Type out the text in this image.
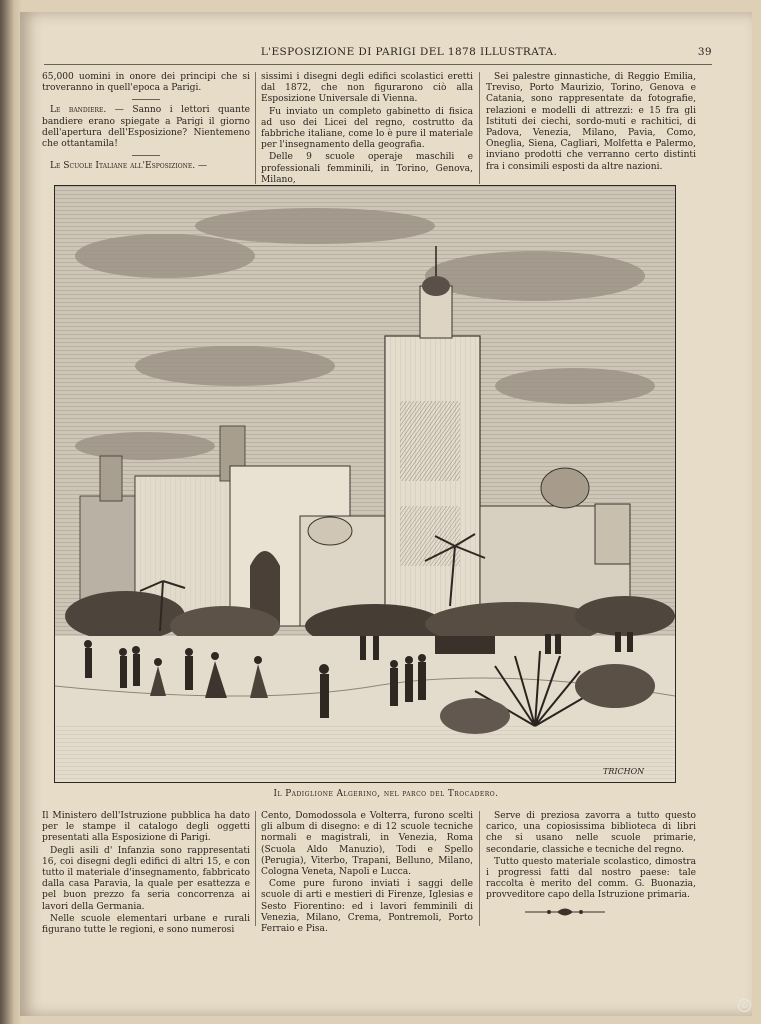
L'ESPOSIZIONE DI PARIGI DEL 1878 ILLUSTRATA.	39

65,000 uomini in onore dei principi che si troveranno in quell'epoca a Parigi.

Le bandiere. — Sanno i lettori quante bandiere erano spiegate a Parigi il giorno dell'apertura dell'Esposizione? Nientemeno che ottantamila!

Le Scuole Italiane all'Esposizione. —

sissimi i disegni degli edifici scolastici eretti dal 1872, che non figurarono ciò alla Esposizione Universale di Vienna.

Fu inviato un completo gabinetto di fisica ad uso dei Licei del regno, costrutto da fabbriche italiane, come lo è pure il materiale per l'insegnamento della geografia.

Delle 9 scuole operaje maschili e professionali femminili, in Torino, Genova, Milano,

Sei palestre ginnastiche, di Reggio Emilia, Treviso, Porto Maurizio, Torino, Genova e Catania, sono rappresentate da fotografie, relazioni e modelli di attrezzi: e 15 fra gli Istituti dei ciechi, sordo-muti e rachitici, di Padova, Venezia, Milano, Pavia, Como, Oneglia, Siena, Cagliari, Molfetta e Palermo, inviano prodotti che verranno certo distinti fra i consimili esposti da altre nazioni.

TRICHON
Il Padiglione Algerino, nel parco del Trocadero.

Il Ministero dell'Istruzione pubblica ha dato per le stampe il catalogo degli oggetti presentati alla Esposizione di Parigi.

Degli asili d' Infanzia sono rappresentati 16, coi disegni degli edifici di altri 15, e con tutto il materiale d'insegnamento, fabbricato dalla casa Paravia, la quale per esattezza e pel buon prezzo fa seria concorrenza ai lavori della Germania.

Nelle scuole elementari urbane e rurali figurano tutte le regioni, e sono numerosi

Cento, Domodossola e Volterra, furono scelti gli album di disegno: e di 12 scuole tecniche normali e magistrali, in Venezia, Roma (Scuola Aldo Manuzio), Todi e Spello (Perugia), Viterbo, Trapani, Belluno, Milano, Cologna Veneta, Napoli e Lucca.

Come pure furono inviati i saggi delle scuole di arti e mestieri di Firenze, Iglesias e Sesto Fiorentino: ed i lavori femminili di Venezia, Milano, Crema, Pontremoli, Porto Ferraio e Pisa.

Serve di preziosa zavorra a tutto questo carico, una copiosissima biblioteca di libri che si usano nelle scuole primarie, secondarie, classiche e tecniche del regno.

Tutto questo materiale scolastico, dimostra i progressi fatti dal nostro paese: tale raccolta è merito del comm. G. Buonazia, provveditore capo della Istruzione primaria.

©
